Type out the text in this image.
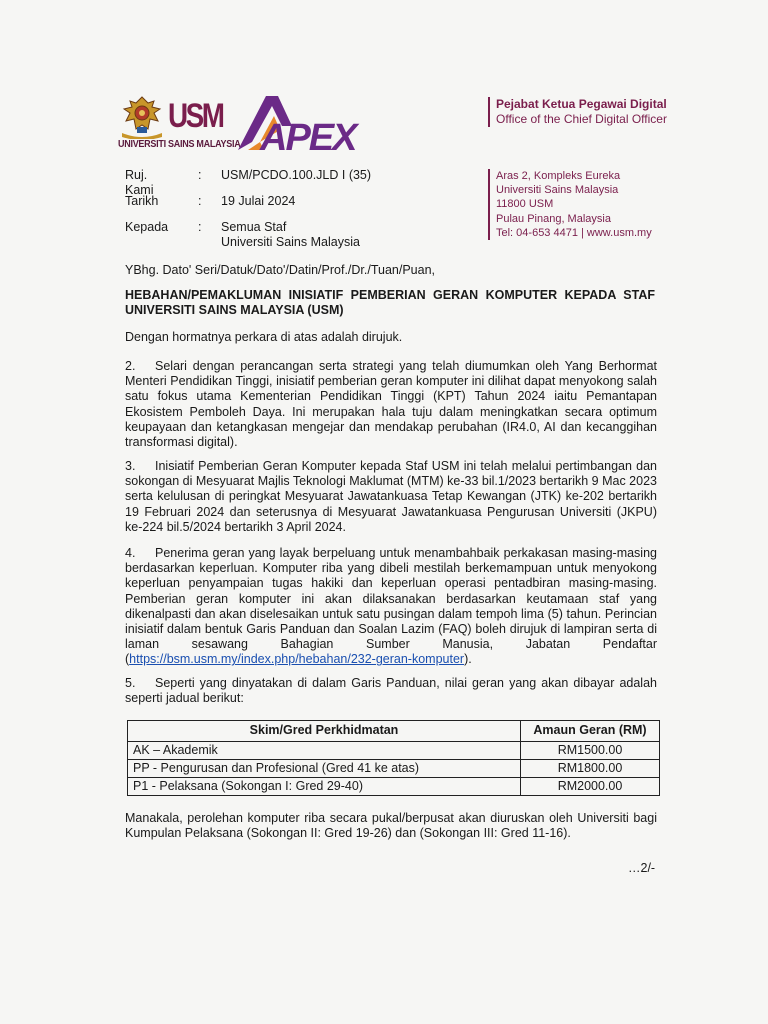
USM
UNIVERSITI SAINS MALAYSIA APEX
Pejabat Ketua Pegawai Digital
Office of the Chief Digital Officer
Aras 2, Kompleks Eureka
Universiti Sains Malaysia
11800 USM
Pulau Pinang, Malaysia
Tel: 04-653 4471 | www.usm.my
Ruj. Kami
: USM/PCDO.100.JLD I (35)
Tarikh	: 19 Julai 2024
Kepada : Semua Staf
Universiti Sains Malaysia
YBhg. Dato' Seri/Datuk/Dato'/Datin/Prof./Dr./Tuan/Puan,
HEBAHAN/PEMAKLUMAN INISIATIF PEMBERIAN GERAN KOMPUTER KEPADA STAF UNIVERSITI SAINS MALAYSIA (USM)
Dengan hormatnya perkara di atas adalah dirujuk.
2. Selari dengan perancangan serta strategi yang telah diumumkan oleh Yang Berhormat Menteri Pendidikan Tinggi, inisiatif pemberian geran komputer ini dilihat dapat menyokong salah satu fokus utama Kementerian Pendidikan Tinggi (KPT) Tahun 2024 iaitu Pemantapan Ekosistem Pemboleh Daya. Ini merupakan hala tuju dalam meningkatkan secara optimum keupayaan dan ketangkasan mengejar dan mendakap perubahan (IR4.0, AI dan kecanggihan transformasi digital).
3. Inisiatif Pemberian Geran Komputer kepada Staf USM ini telah melalui pertimbangan dan sokongan di Mesyuarat Majlis Teknologi Maklumat (MTM) ke-33 bil.1/2023 bertarikh 9 Mac 2023 serta kelulusan di peringkat Mesyuarat Jawatankuasa Tetap Kewangan (JTK) ke-202 bertarikh 19 Februari 2024 dan seterusnya di Mesyuarat Jawatankuasa Pengurusan Universiti (JKPU) ke-224 bil.5/2024 bertarikh 3 April 2024.
4. Penerima geran yang layak berpeluang untuk menambahbaik perkakasan masing-masing berdasarkan keperluan. Komputer riba yang dibeli mestilah berkemampuan untuk menyokong keperluan penyampaian tugas hakiki dan keperluan operasi pentadbiran masing-masing. Pemberian geran komputer ini akan dilaksanakan berdasarkan keutamaan staf yang dikenalpasti dan akan diselesaikan untuk satu pusingan dalam tempoh lima (5) tahun. Perincian inisiatif dalam bentuk Garis Panduan dan Soalan Lazim (FAQ) boleh dirujuk di lampiran serta di laman sesawang Bahagian Sumber Manusia, Jabatan Pendaftar (https://bsm.usm.my/index.php/hebahan/232-geran-komputer).
5. Seperti yang dinyatakan di dalam Garis Panduan, nilai geran yang akan dibayar adalah seperti jadual berikut:
Skim/Gred Perkhidmatan	Amaun Geran (RM)
AK – Akademik	RM1500.00
PP - Pengurusan dan Profesional (Gred 41 ke atas)	RM1800.00
P1 - Pelaksana (Sokongan I: Gred 29-40)	RM2000.00
Manakala, perolehan komputer riba secara pukal/berpusat akan diuruskan oleh Universiti bagi Kumpulan Pelaksana (Sokongan II: Gred 19-26) dan (Sokongan III: Gred 11-16).
…2/-
